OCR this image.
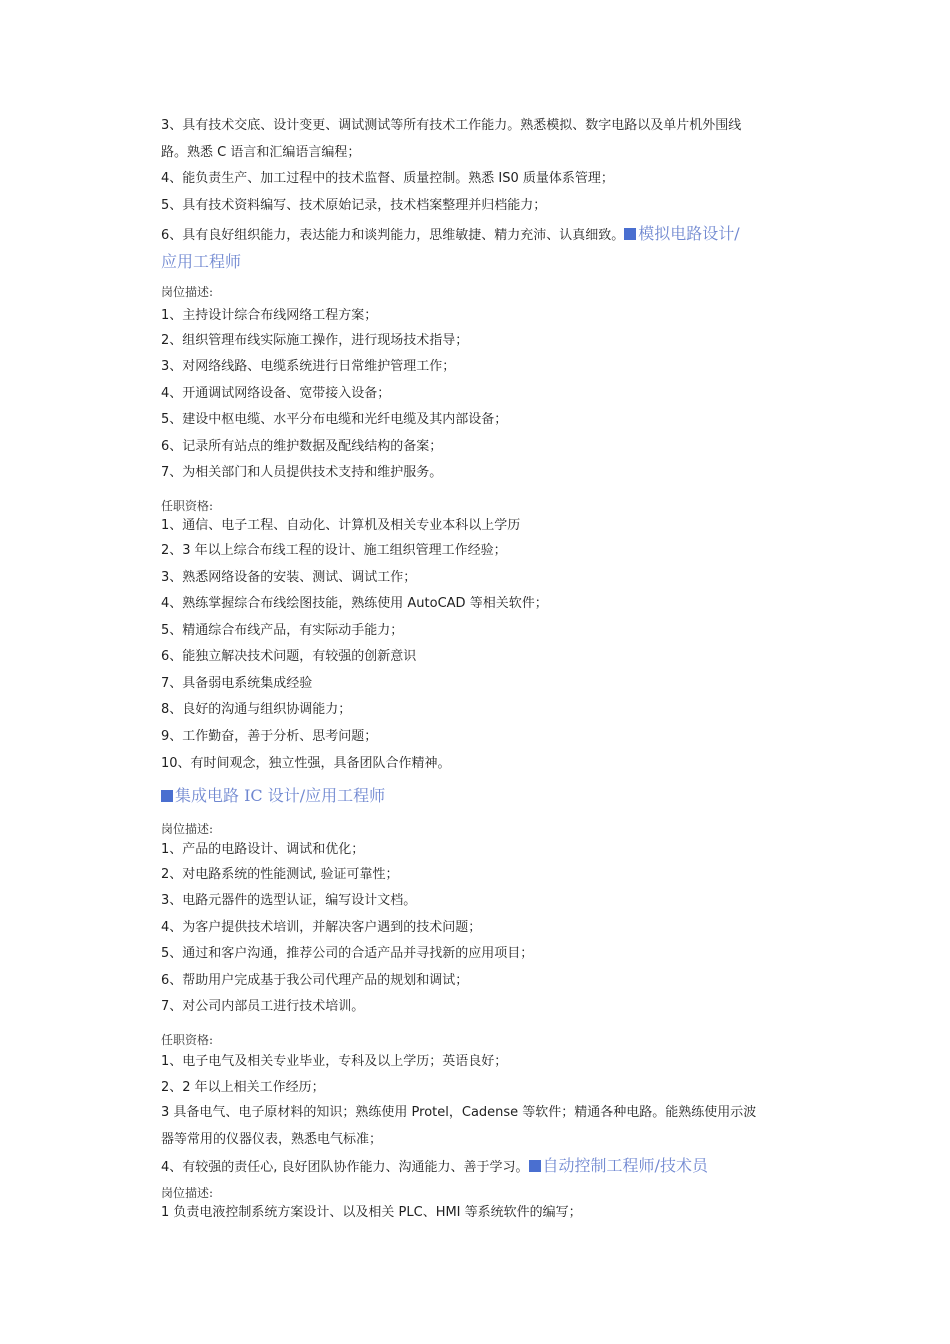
3、具有技术交底、设计变更、调试测试等所有技术工作能力。熟悉模拟、数字电路以及单片机外围线
路。熟悉 C 语言和汇编语言编程；
4、能负责生产、加工过程中的技术监督、质量控制。熟悉 IS0 质量体系管理；
5、具有技术资料编写、技术原始记录，技术档案整理并归档能力；
6、具有良好组织能力，表达能力和谈判能力，思维敏捷、精力充沛、认真细致。 模拟电路设计/
应用工程师
岗位描述:
1、主持设计综合布线网络工程方案；
2、组织管理布线实际施工操作，进行现场技术指导；
3、对网络线路、电缆系统进行日常维护管理工作；
4、开通调试网络设备、宽带接入设备；
5、建设中枢电缆、水平分布电缆和光纤电缆及其内部设备；
6、记录所有站点的维护数据及配线结构的备案；
7、为相关部门和人员提供技术支持和维护服务。
任职资格:
1、通信、电子工程、自动化、计算机及相关专业本科以上学历
2、3 年以上综合布线工程的设计、施工组织管理工作经验；
3、熟悉网络设备的安装、测试、调试工作；
4、熟练掌握综合布线绘图技能，熟练使用 AutoCAD 等相关软件；
5、精通综合布线产品，有实际动手能力；
6、能独立解决技术问题，有较强的创新意识
7、具备弱电系统集成经验
8、良好的沟通与组织协调能力；
9、工作勤奋，善于分析、思考问题；
10、有时间观念，独立性强，具备团队合作精神。
集成电路 IC 设计/应用工程师
岗位描述:
1、产品的电路设计、调试和优化；
2、对电路系统的性能测试, 验证可靠性；
3、电路元器件的选型认证，编写设计文档。
4、为客户提供技术培训，并解决客户遇到的技术问题；
5、通过和客户沟通，推荐公司的合适产品并寻找新的应用项目；
6、帮助用户完成基于我公司代理产品的规划和调试；
7、对公司内部员工进行技术培训。
任职资格:
1、电子电气及相关专业毕业，专科及以上学历；英语良好；
2、2 年以上相关工作经历；
3 具备电气、电子原材料的知识；熟练使用 Protel，Cadense 等软件；精通各种电路。能熟练使用示波
器等常用的仪器仪表，熟悉电气标准；
4、有较强的责任心, 良好团队协作能力、沟通能力、善于学习。 自动控制工程师/技术员
岗位描述:
1 负责电液控制系统方案设计、以及相关 PLC、HMI 等系统软件的编写；
